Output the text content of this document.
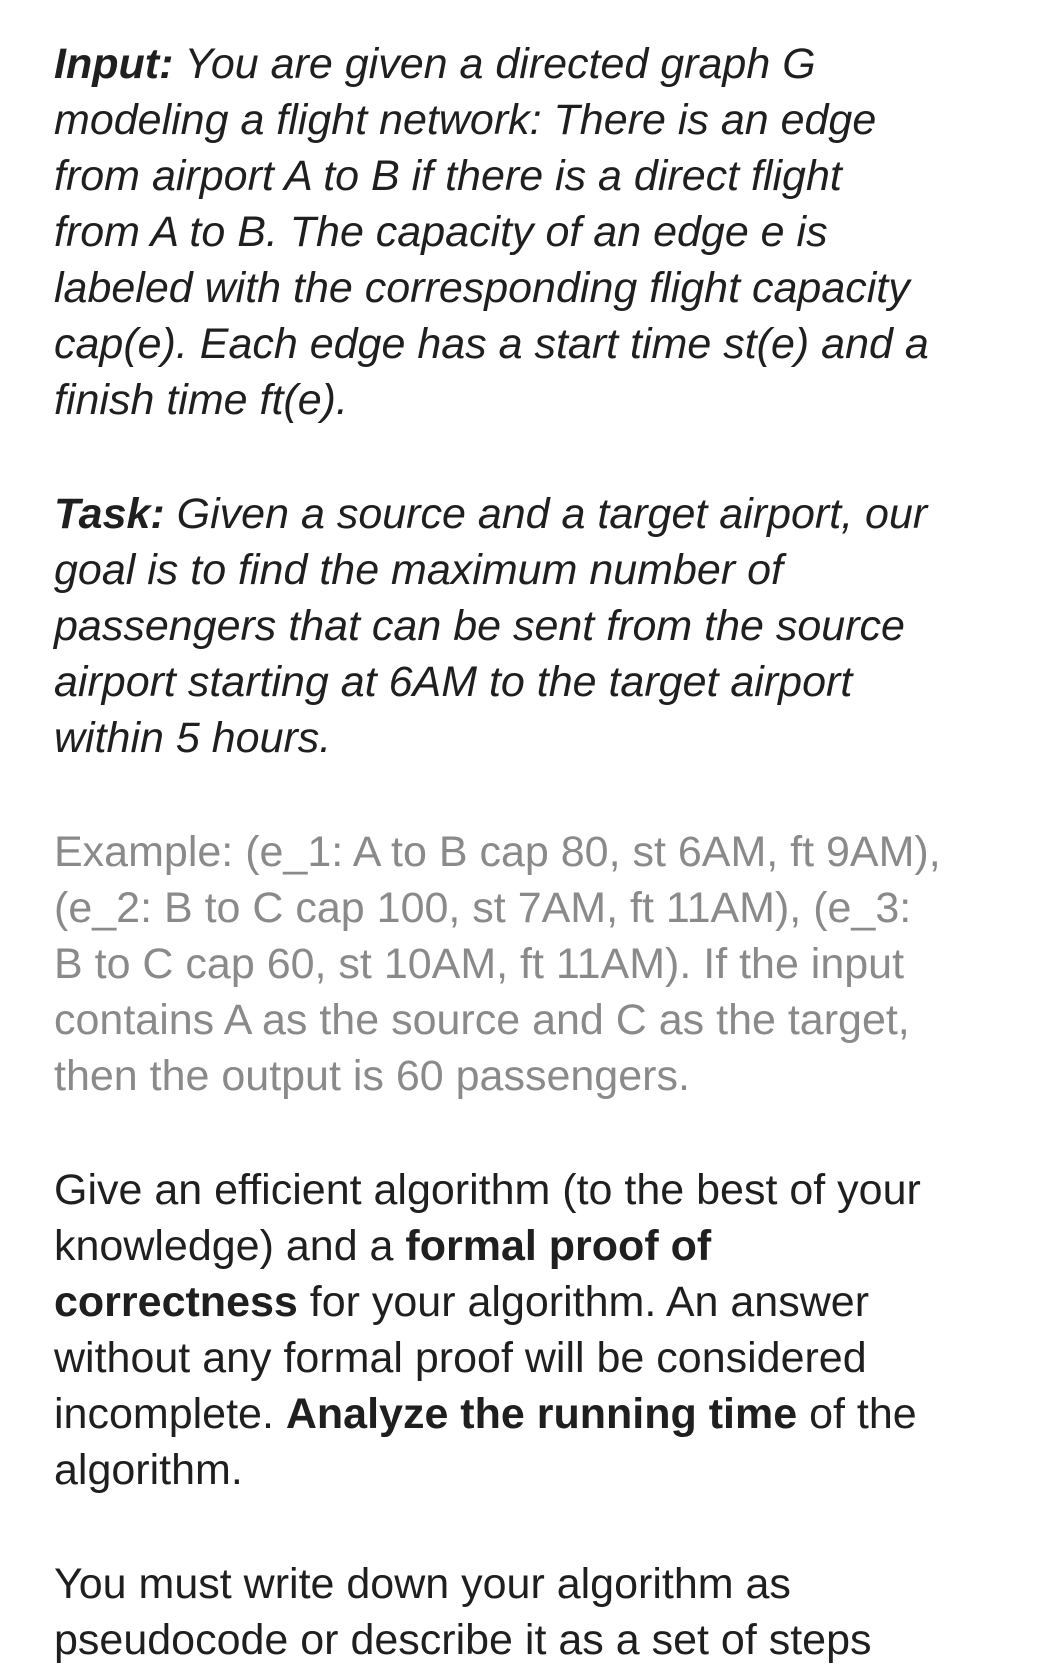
Input: You are given a directed graph G
modeling a flight network: There is an edge
from airport A to B if there is a direct flight
from A to B. The capacity of an edge e is
labeled with the corresponding flight capacity
cap(e). Each edge has a start time st(e) and a
finish time ft(e).

Task: Given a source and a target airport, our
goal is to find the maximum number of
passengers that can be sent from the source
airport starting at 6AM to the target airport
within 5 hours.

Example: (e_1: A to B cap 80, st 6AM, ft 9AM),
(e_2: B to C cap 100, st 7AM, ft 11AM), (e_3:
B to C cap 60, st 10AM, ft 11AM). If the input
contains A as the source and C as the target,
then the output is 60 passengers.

Give an efficient algorithm (to the best of your
knowledge) and a formal proof of
correctness for your algorithm. An answer
without any formal proof will be considered
incomplete. Analyze the running time of the
algorithm.

You must write down your algorithm as
pseudocode or describe it as a set of steps
